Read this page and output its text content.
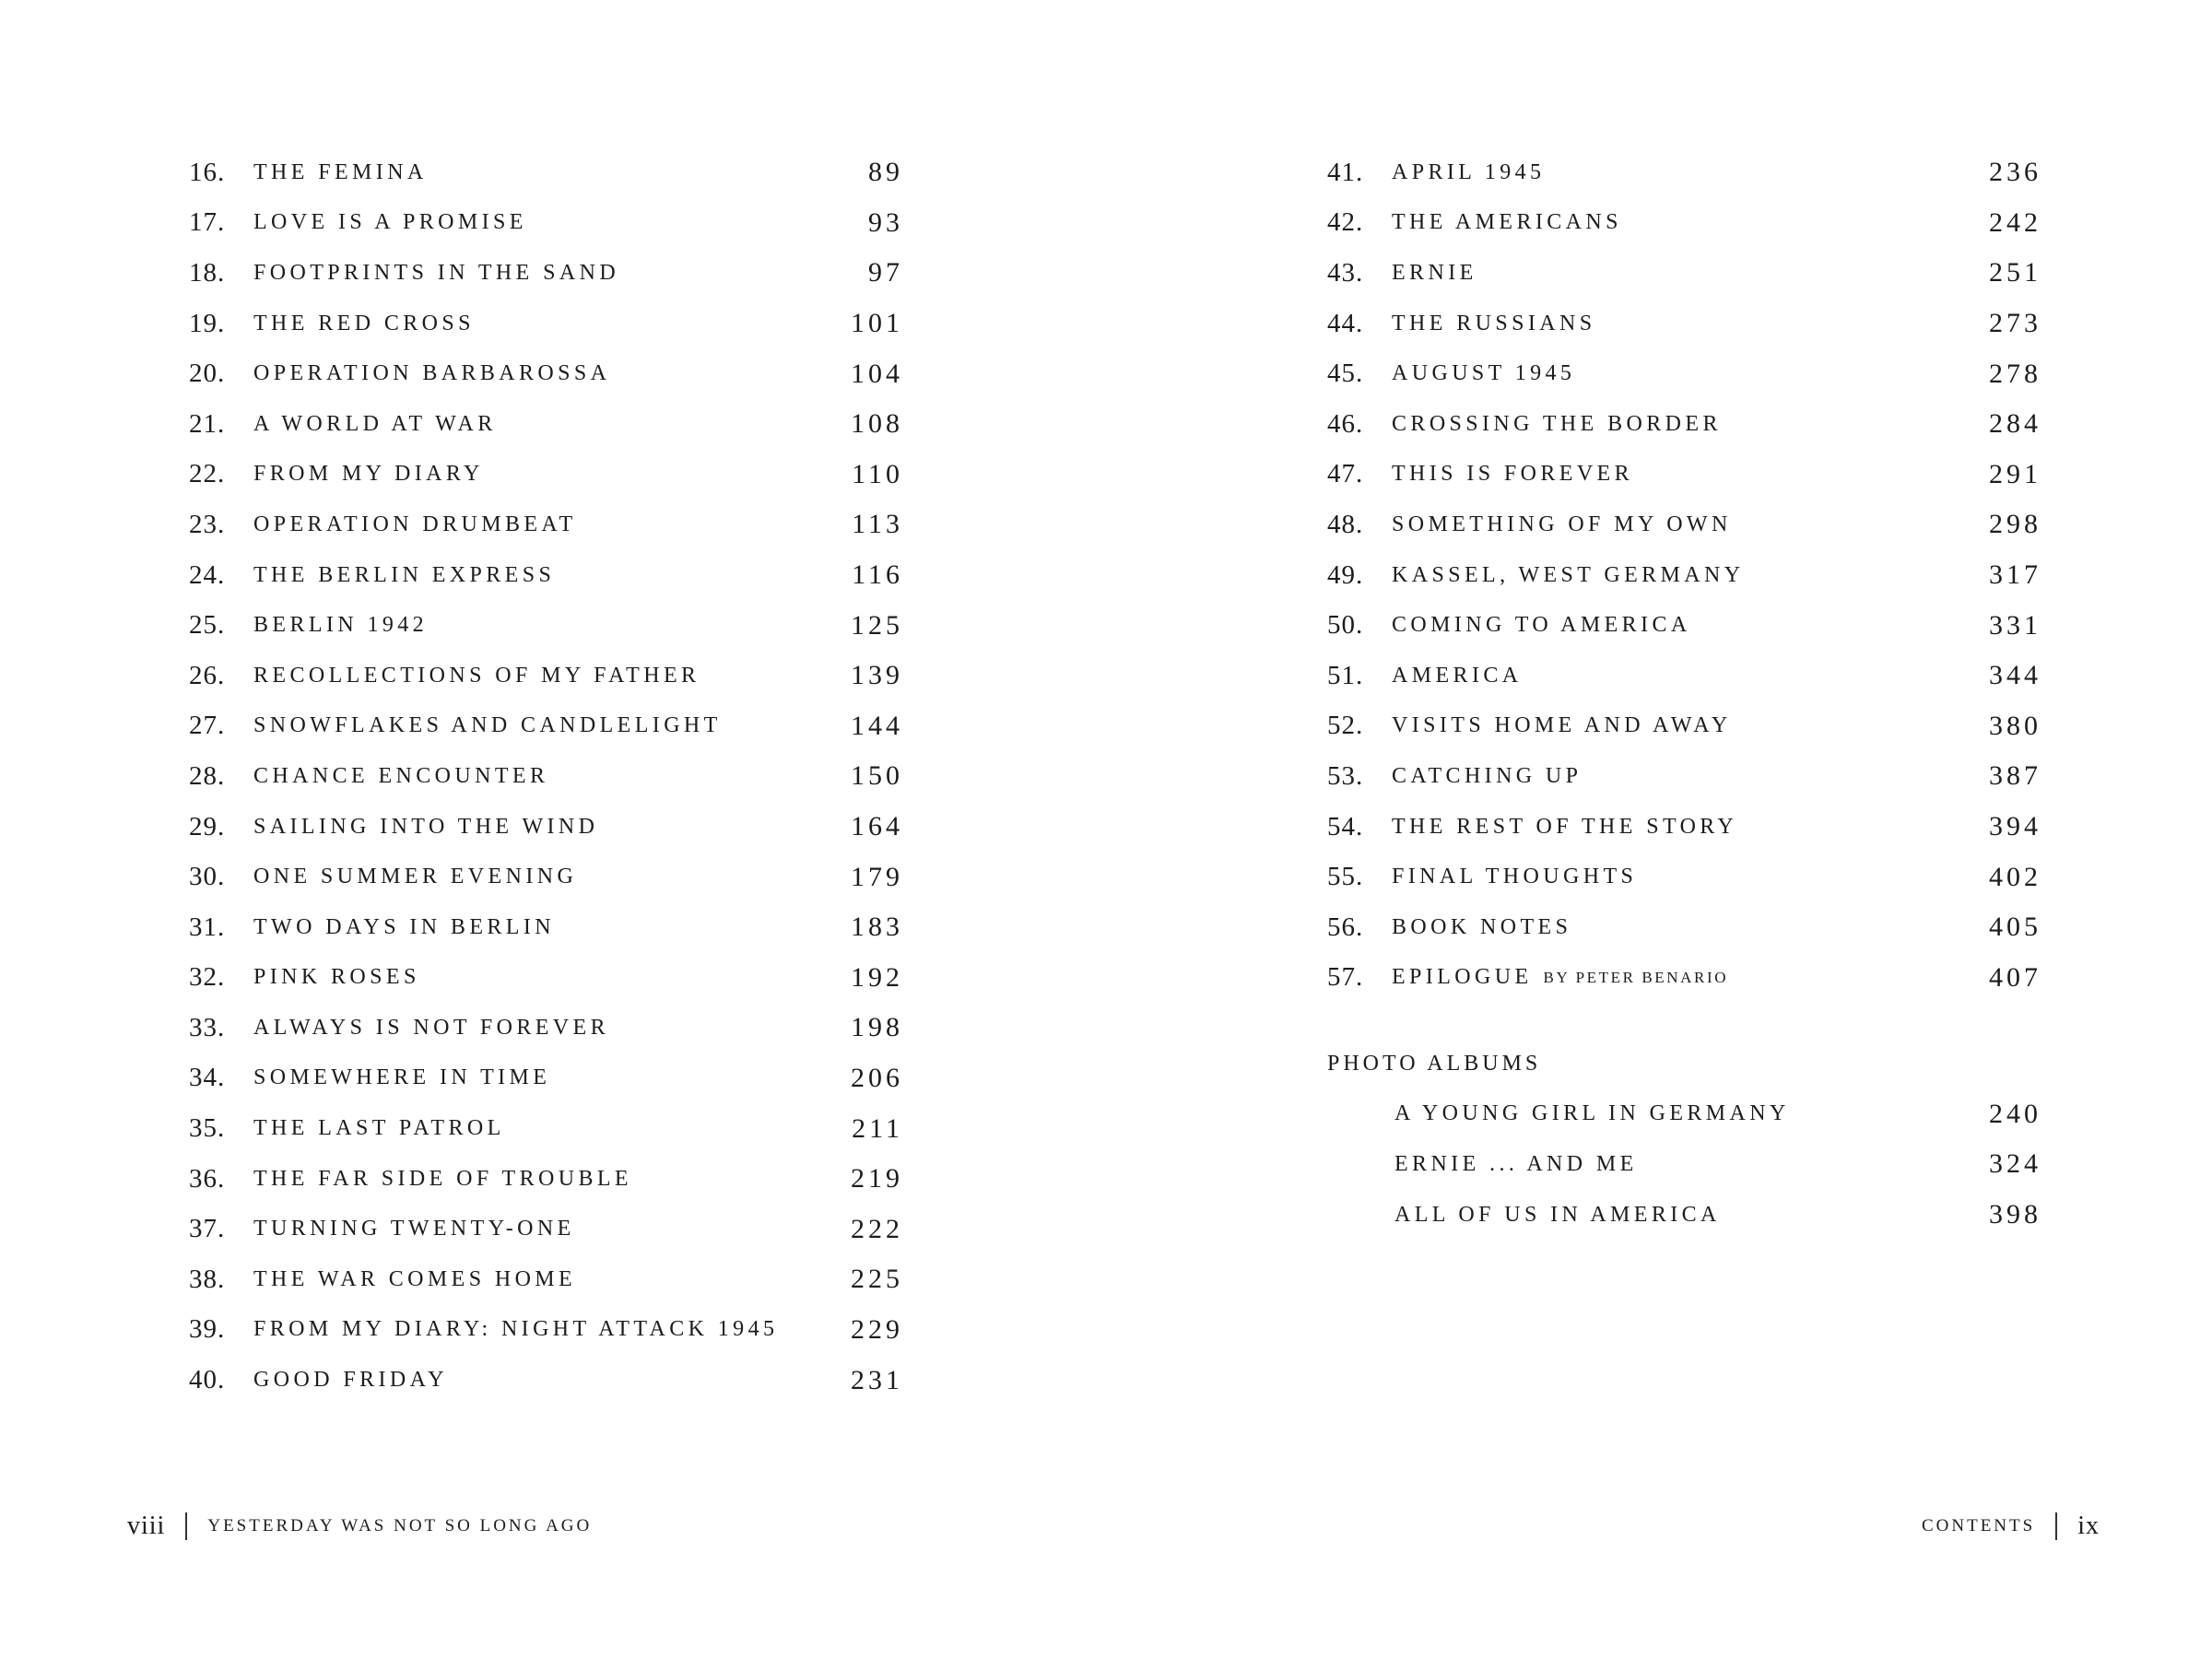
16.	THE FEMINA	89
17.	LOVE IS A PROMISE	93
18.	FOOTPRINTS IN THE SAND	97
19.	THE RED CROSS	101
20.	OPERATION BARBAROSSA	104
21.	A WORLD AT WAR	108
22.	FROM MY DIARY	110
23.	OPERATION DRUMBEAT	113
24.	THE BERLIN EXPRESS	116
25.	BERLIN 1942	125
26.	RECOLLECTIONS OF MY FATHER	139
27.	SNOWFLAKES AND CANDLELIGHT	144
28.	CHANCE ENCOUNTER	150
29.	SAILING INTO THE WIND	164
30.	ONE SUMMER EVENING	179
31.	TWO DAYS IN BERLIN	183
32.	PINK ROSES	192
33.	ALWAYS IS NOT FOREVER	198
34.	SOMEWHERE IN TIME	206
35.	THE LAST PATROL	211
36.	THE FAR SIDE OF TROUBLE	219
37.	TURNING TWENTY-ONE	222
38.	THE WAR COMES HOME	225
39.	FROM MY DIARY: NIGHT ATTACK 1945	229
40.	GOOD FRIDAY	231
viii YESTERDAY WAS NOT SO LONG AGO
41.	APRIL 1945	236
42.	THE AMERICANS	242
43.	ERNIE	251
44.	THE RUSSIANS	273
45.	AUGUST 1945	278
46.	CROSSING THE BORDER	284
47.	THIS IS FOREVER	291
48.	SOMETHING OF MY OWN	298
49.	KASSEL, WEST GERMANY	317
50.	COMING TO AMERICA	331
51.	AMERICA	344
52.	VISITS HOME AND AWAY	380
53.	CATCHING UP	387
54.	THE REST OF THE STORY	394
55.	FINAL THOUGHTS	402
56.	BOOK NOTES	405
57.	EPILOGUE BY PETER BENARIO	407
PHOTO ALBUMS
A YOUNG GIRL IN GERMANY	240
ERNIE ... AND ME	324
ALL OF US IN AMERICA	398
CONTENTS ix
